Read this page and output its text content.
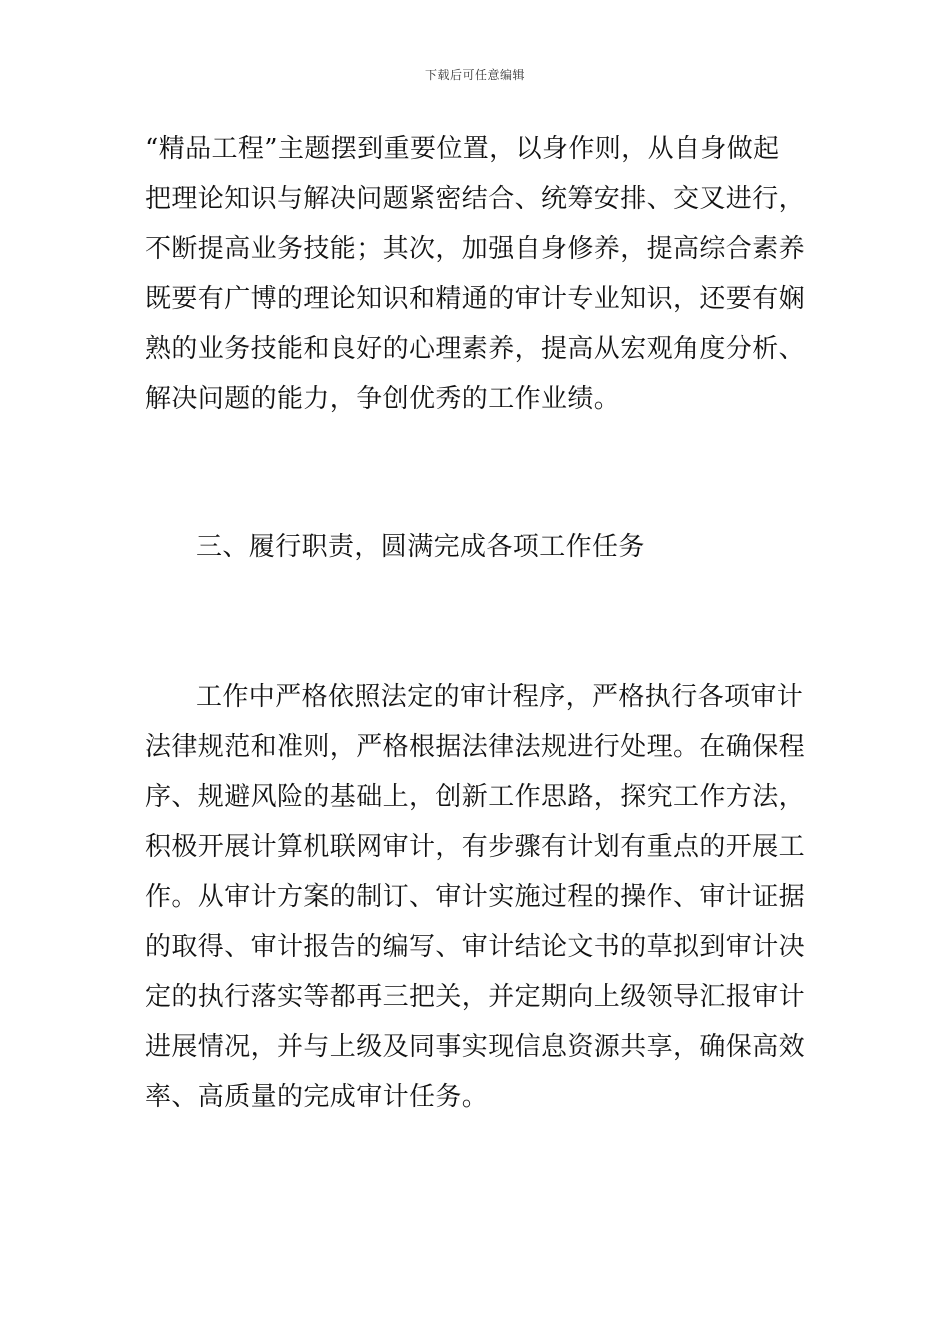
下载后可任意编辑
“精品工程”主题摆到重要位置，以身作则，从自身做起
把理论知识与解决问题紧密结合、统筹安排、交叉进行，
不断提高业务技能；其次，加强自身修养，提高综合素养
既要有广博的理论知识和精通的审计专业知识，还要有娴
熟的业务技能和良好的心理素养，提高从宏观角度分析、
解决问题的能力，争创优秀的工作业绩。
三、履行职责，圆满完成各项工作任务
工作中严格依照法定的审计程序，严格执行各项审计
法律规范和准则，严格根据法律法规进行处理。在确保程
序、规避风险的基础上，创新工作思路，探究工作方法，
积极开展计算机联网审计，有步骤有计划有重点的开展工
作。从审计方案的制订、审计实施过程的操作、审计证据
的取得、审计报告的编写、审计结论文书的草拟到审计决
定的执行落实等都再三把关，并定期向上级领导汇报审计
进展情况，并与上级及同事实现信息资源共享，确保高效
率、高质量的完成审计任务。
